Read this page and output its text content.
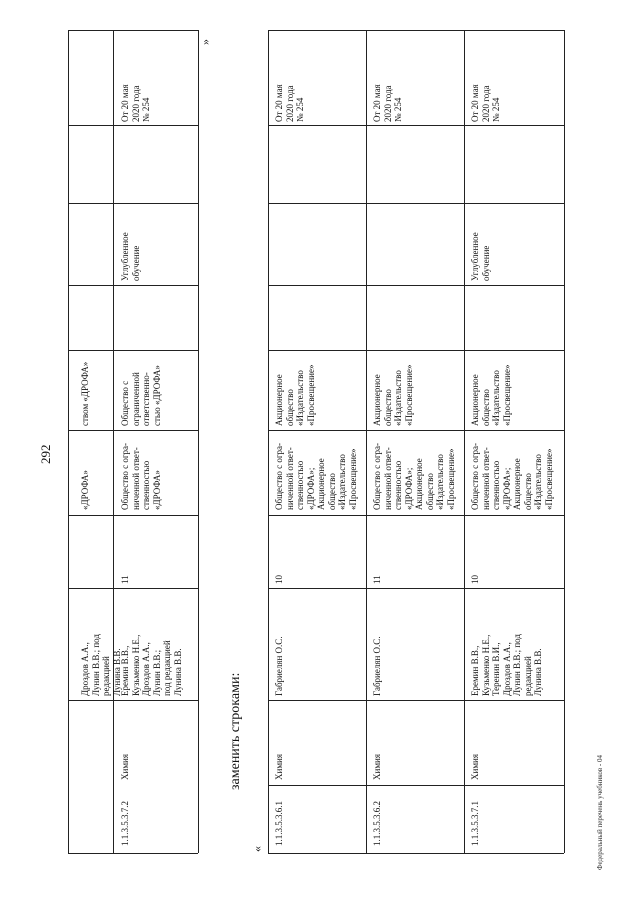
292
Дроздов А.А.,
Лунин В.В.; под
редакцией
Лунина В.В.
«ДРОФА»
ством «ДРОФА»
1.1.3.5.3.7.2
Химия
Еремин В.В.,
Кузьменко Н.Е.,
Дроздов А.А.,
Лунин В.В.;
под редакцией
Лунина В.В.
11
Общество с огра-
ниченной ответ-
ственностью
«ДРОФА»
Общество с
ограниченной
ответственно-
стью «ДРОФА»
Углубленное
обучение
От 20 мая
2020 года
№ 254
»
заменить строками:
«
1.1.3.5.3.6.1
Химия
Габриелян О.С.
10
Общество с огра-
ниченной ответ-
ственностью
«ДРОФА»;
Акционерное
общество
«Издательство
«Просвещение»
Акционерное
общество
«Издательство
«Просвещение»
От 20 мая
2020 года
№ 254
1.1.3.5.3.6.2
Химия
Габриелян О.С.
11
Общество с огра-
ниченной ответ-
ственностью
«ДРОФА»;
Акционерное
общество
«Издательство
«Просвещение»
Акционерное
общество
«Издательство
«Просвещение»
От 20 мая
2020 года
№ 254
1.1.3.5.3.7.1
Химия
Еремин В.В.,
Кузьменко Н.Е.,
Теренин В.И.,
Дроздов А.А.,
Лунин В.В.; под
редакцией
Лунина В.В.
10
Общество с огра-
ниченной ответ-
ственностью
«ДРОФА»;
Акционерное
общество
«Издательство
«Просвещение»
Акционерное
общество
«Издательство
«Просвещение»
Углубленное
обучение
От 20 мая
2020 года
№ 254
Федеральный перечень учебников - 04
